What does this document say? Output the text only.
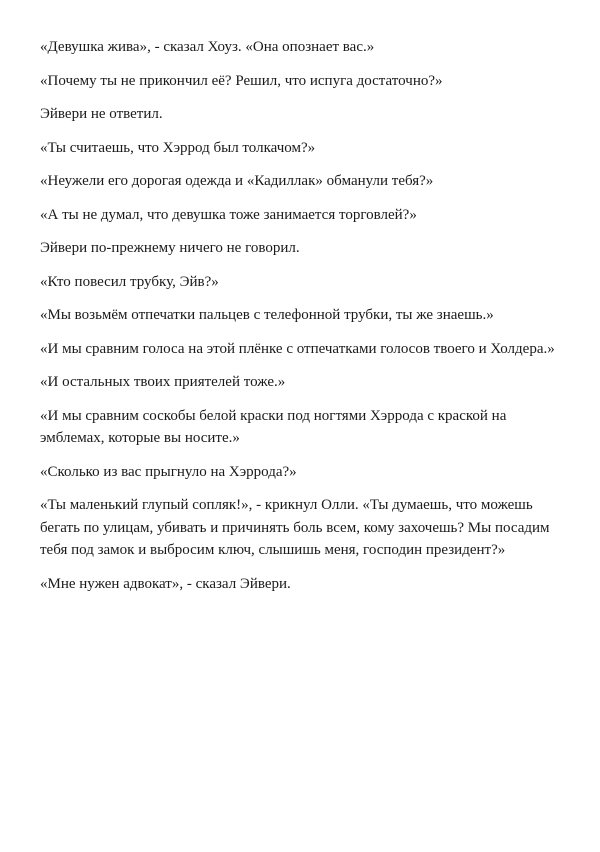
«Девушка жива», - сказал Хоуз. «Она опознает вас.»

«Почему ты не прикончил её? Решил, что испуга достаточно?»

Эйвери не ответил.

«Ты считаешь, что Хэррод был толкачом?»

«Неужели его дорогая одежда и «Кадиллак» обманули тебя?»

«А ты не думал, что девушка тоже занимается торговлей?»

Эйвери по-прежнему ничего не говорил.

«Кто повесил трубку, Эйв?»

«Мы возьмём отпечатки пальцев с телефонной трубки, ты же знаешь.»

«И мы сравним голоса на этой плёнке с отпечатками голосов твоего и Холдера.»

«И остальных твоих приятелей тоже.»

«И мы сравним соскобы белой краски под ногтями Хэррода с краской на эмблемах, которые вы носите.»

«Сколько из вас прыгнуло на Хэррода?»

«Ты маленький глупый сопляк!», - крикнул Олли. «Ты думаешь, что можешь бегать по улицам, убивать и причинять боль всем, кому захочешь? Мы посадим тебя под замок и выбросим ключ, слышишь меня, господин президент?»

«Мне нужен адвокат», - сказал Эйвери.
